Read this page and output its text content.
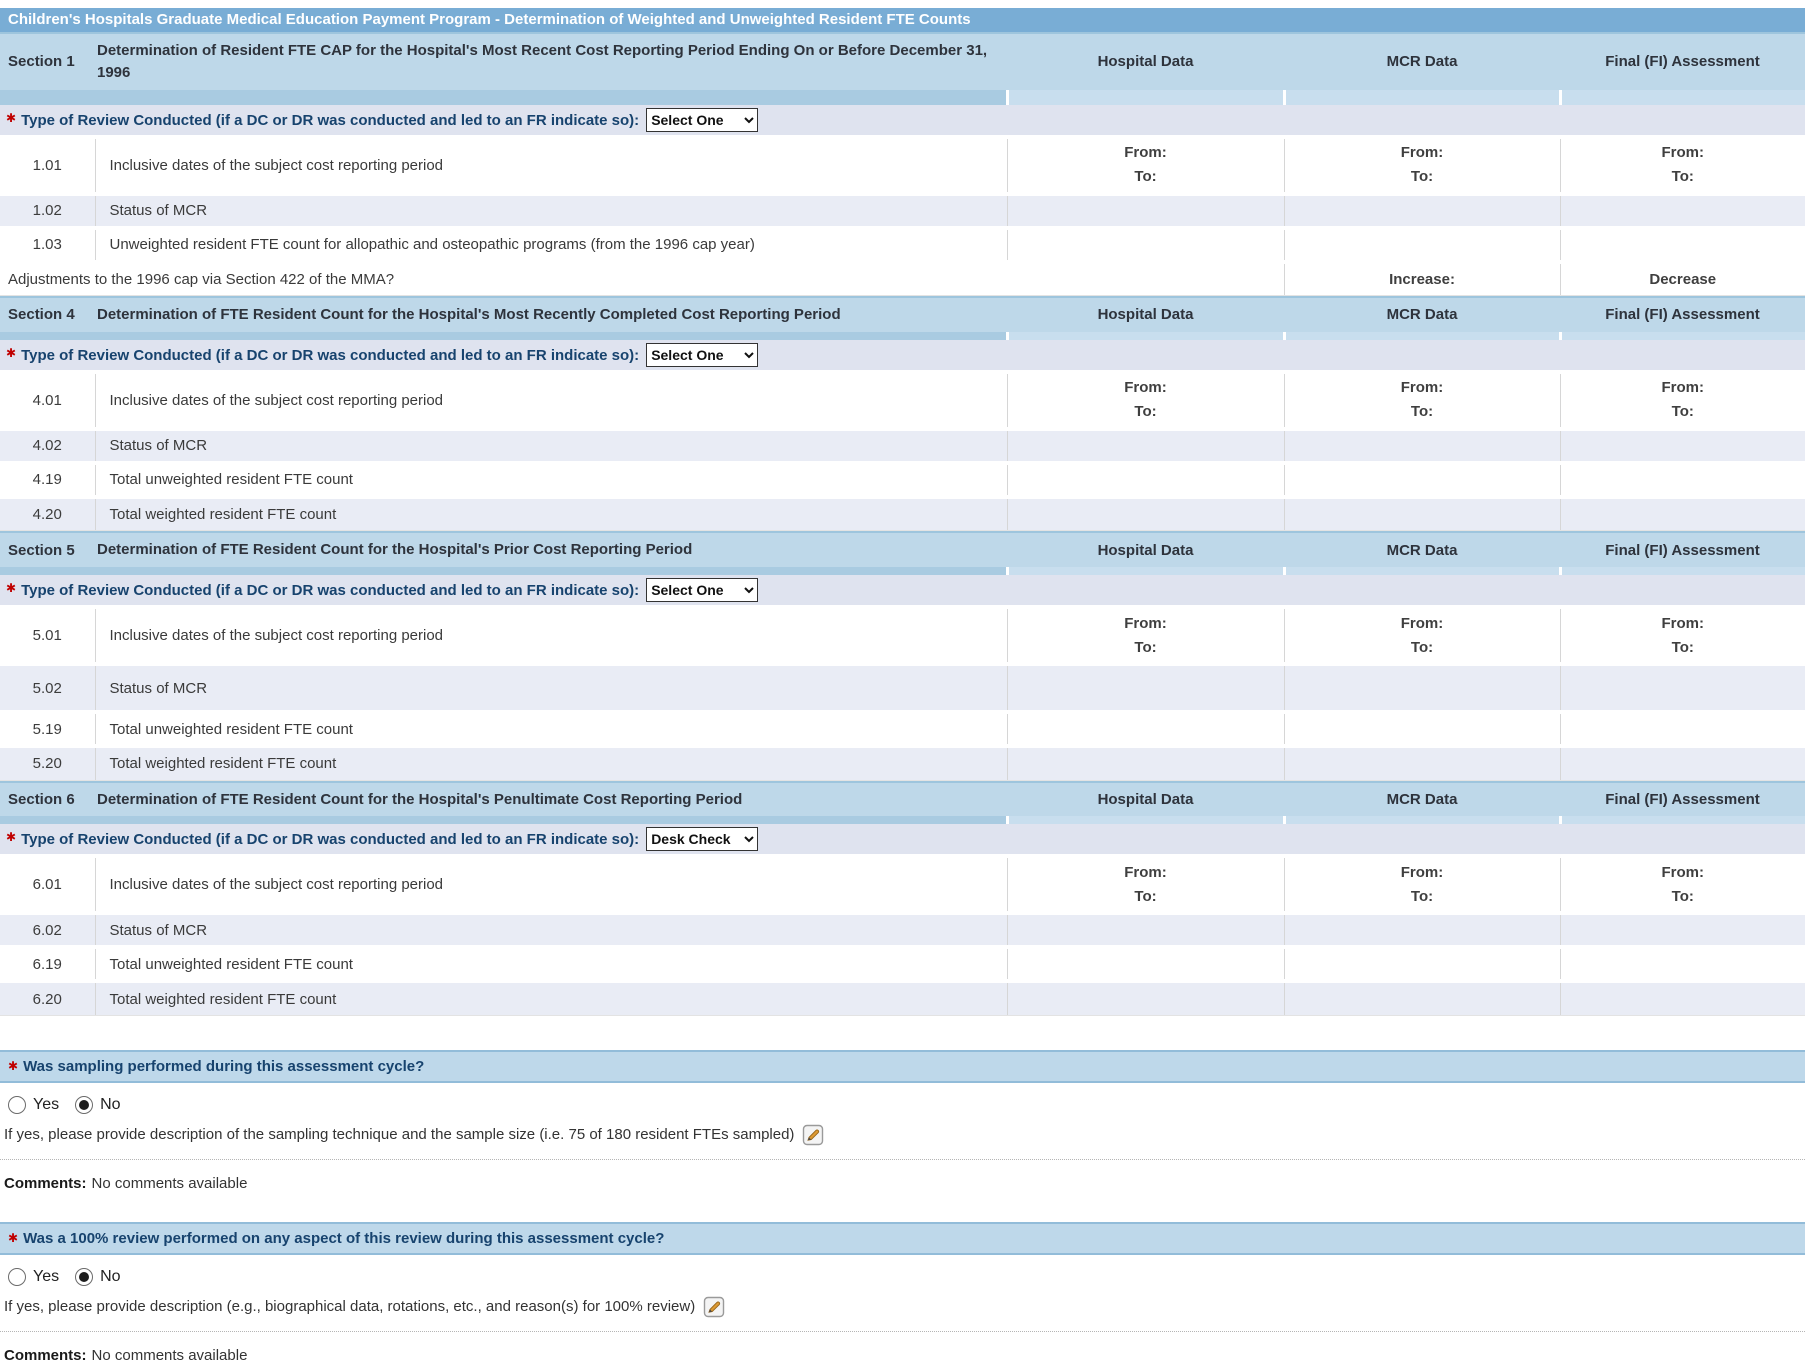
Children's Hospitals Graduate Medical Education Payment Program - Determination of Weighted and Unweighted Resident FTE Counts
Section 1	Determination of Resident FTE CAP for the Hospital's Most Recent Cost Reporting Period Ending On or Before December 31, 1996	Hospital Data	MCR Data	Final (FI) Assessment

✱ Type of Review Conducted (if a DC or DR was conducted and led to an FR indicate so):
Select One
1.01	Inclusive dates of the subject cost reporting period	
From:
To:

From:
To:

From:
To:

1.02	Status of MCR			
1.03	Unweighted resident FTE count for allopathic and osteopathic programs (from the 1996 cap year)			
Adjustments to the 1996 cap via Section 422 of the MMA?			Increase:	Decrease
Section 4	Determination of FTE Resident Count for the Hospital's Most Recently Completed Cost Reporting Period	Hospital Data	MCR Data	Final (FI) Assessment

✱ Type of Review Conducted (if a DC or DR was conducted and led to an FR indicate so):
Select One
4.01	Inclusive dates of the subject cost reporting period	
From:
To:

From:
To:

From:
To:

4.02	Status of MCR			
4.19	Total unweighted resident FTE count			
4.20	Total weighted resident FTE count			
Section 5	Determination of FTE Resident Count for the Hospital's Prior Cost Reporting Period	Hospital Data	MCR Data	Final (FI) Assessment

✱ Type of Review Conducted (if a DC or DR was conducted and led to an FR indicate so):
Select One
5.01	Inclusive dates of the subject cost reporting period	
From:
To:

From:
To:

From:
To:

5.02	Status of MCR			
5.19	Total unweighted resident FTE count			
5.20	Total weighted resident FTE count			
Section 6	Determination of FTE Resident Count for the Hospital's Penultimate Cost Reporting Period	Hospital Data	MCR Data	Final (FI) Assessment

✱ Type of Review Conducted (if a DC or DR was conducted and led to an FR indicate so):
Desk Check
6.01	Inclusive dates of the subject cost reporting period	
From:
To:

From:
To:

From:
To:

6.02	Status of MCR			
6.19	Total unweighted resident FTE count			
6.20	Total weighted resident FTE count			
✱ Was sampling performed during this assessment cycle?
Yes	No
If yes, please provide description of the sampling technique and the sample size (i.e. 75 of 180 resident FTEs sampled)
Comments: No comments available
✱ Was a 100% review performed on any aspect of this review during this assessment cycle?
Yes	No
If yes, please provide description (e.g., biographical data, rotations, etc., and reason(s) for 100% review)
Comments: No comments available
